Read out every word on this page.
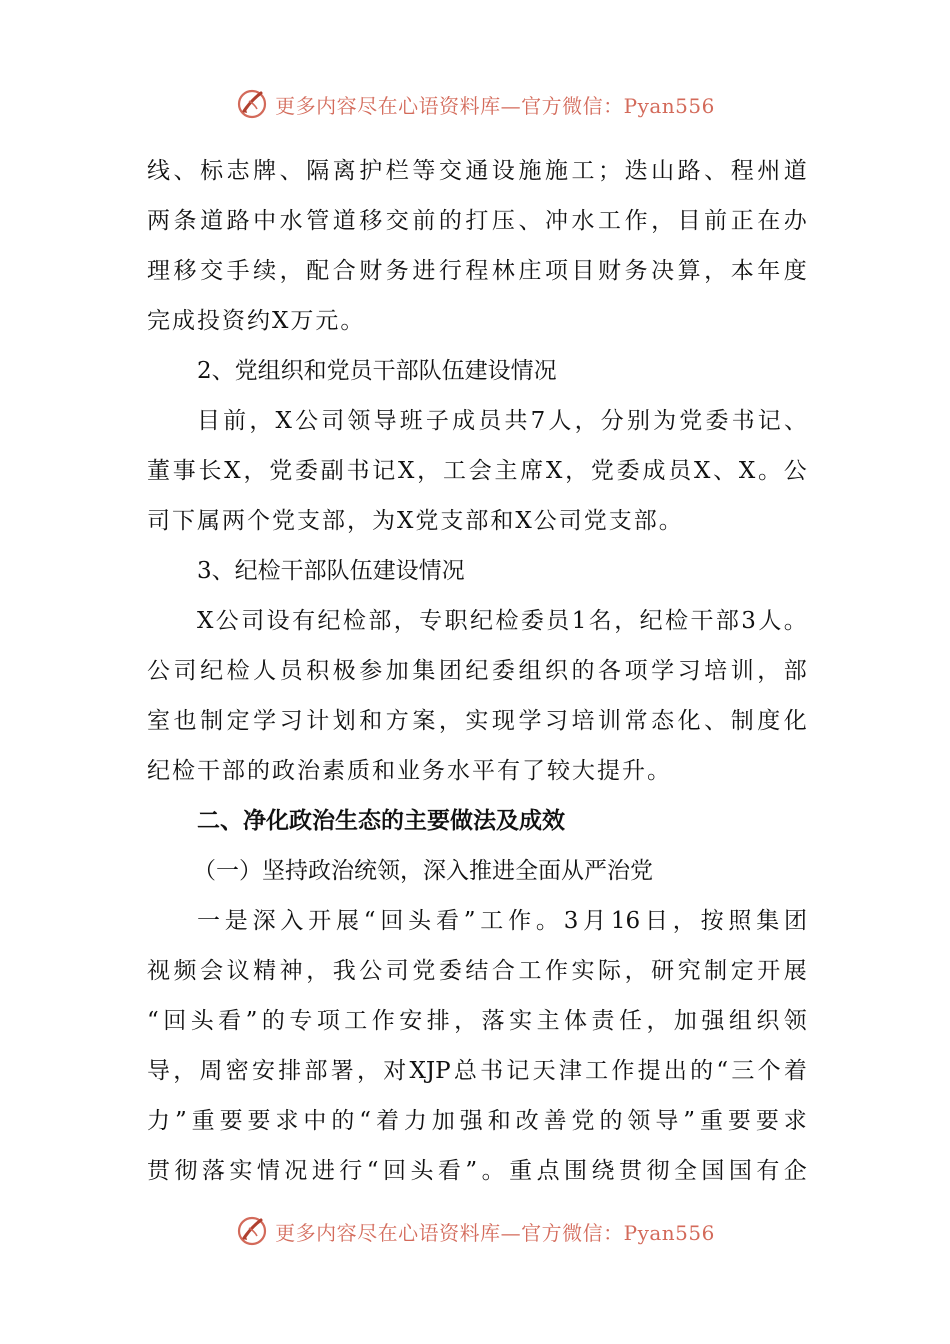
更多内容尽在心语资料库—官方微信：Pyan556
线 、 标 志 牌 、 隔 离 护 栏 等 交 通 设 施 施 工 ； 迭 山 路 、 程 州 道
两 条 道 路 中 水 管 道 移 交 前 的 打 压 、 冲 水 工 作 ， 目 前 正 在 办
理 移 交 手 续 ， 配 合 财 务 进 行 程 林 庄 项 目 财 务 决 算 ， 本 年 度
完成投资约X万元。
2、党组织和党员干部队伍建设情况
目 前 ， X 公 司 领 导 班 子 成 员 共 7 人 ， 分 别 为 党 委 书 记 、
董 事 长 X ， 党 委 副 书 记 X ， 工 会 主 席 X ， 党 委 成 员 X 、 X 。 公
司下属两个党支部，为X党支部和X公司党支部。
3、纪检干部队伍建设情况
X 公 司 设 有 纪 检 部 ， 专 职 纪 检 委 员 1 名 ， 纪 检 干 部 3 人 。
公 司 纪 检 人 员 积 极 参 加 集 团 纪 委 组 织 的 各 项 学 习 培 训 ， 部
室 也 制 定 学 习 计 划 和 方 案 ， 实 现 学 习 培 训 常 态 化 、 制 度 化
纪检干部的政治素质和业务水平有了较大提升。
二、净化政治生态的主要做法及成效
（一）坚持政治统领，深入推进全面从严治党
一 是 深 入 开 展 “ 回 头 看 ” 工 作 。 3 月 16 日 ， 按 照 集 团
视 频 会 议 精 神 ， 我 公 司 党 委 结 合 工 作 实 际 ， 研 究 制 定 开 展
“ 回 头 看 ” 的 专 项 工 作 安 排 ， 落 实 主 体 责 任 ， 加 强 组 织 领
导 ， 周 密 安 排 部 署 ， 对 XJP 总 书 记 天 津 工 作 提 出 的 “ 三 个 着
力 ” 重 要 要 求 中 的 “ 着 力 加 强 和 改 善 党 的 领 导 ” 重 要 要 求
贯 彻 落 实 情 况 进 行 “ 回 头 看 ” 。 重 点 围 绕 贯 彻 全 国 国 有 企
更多内容尽在心语资料库—官方微信：Pyan556
